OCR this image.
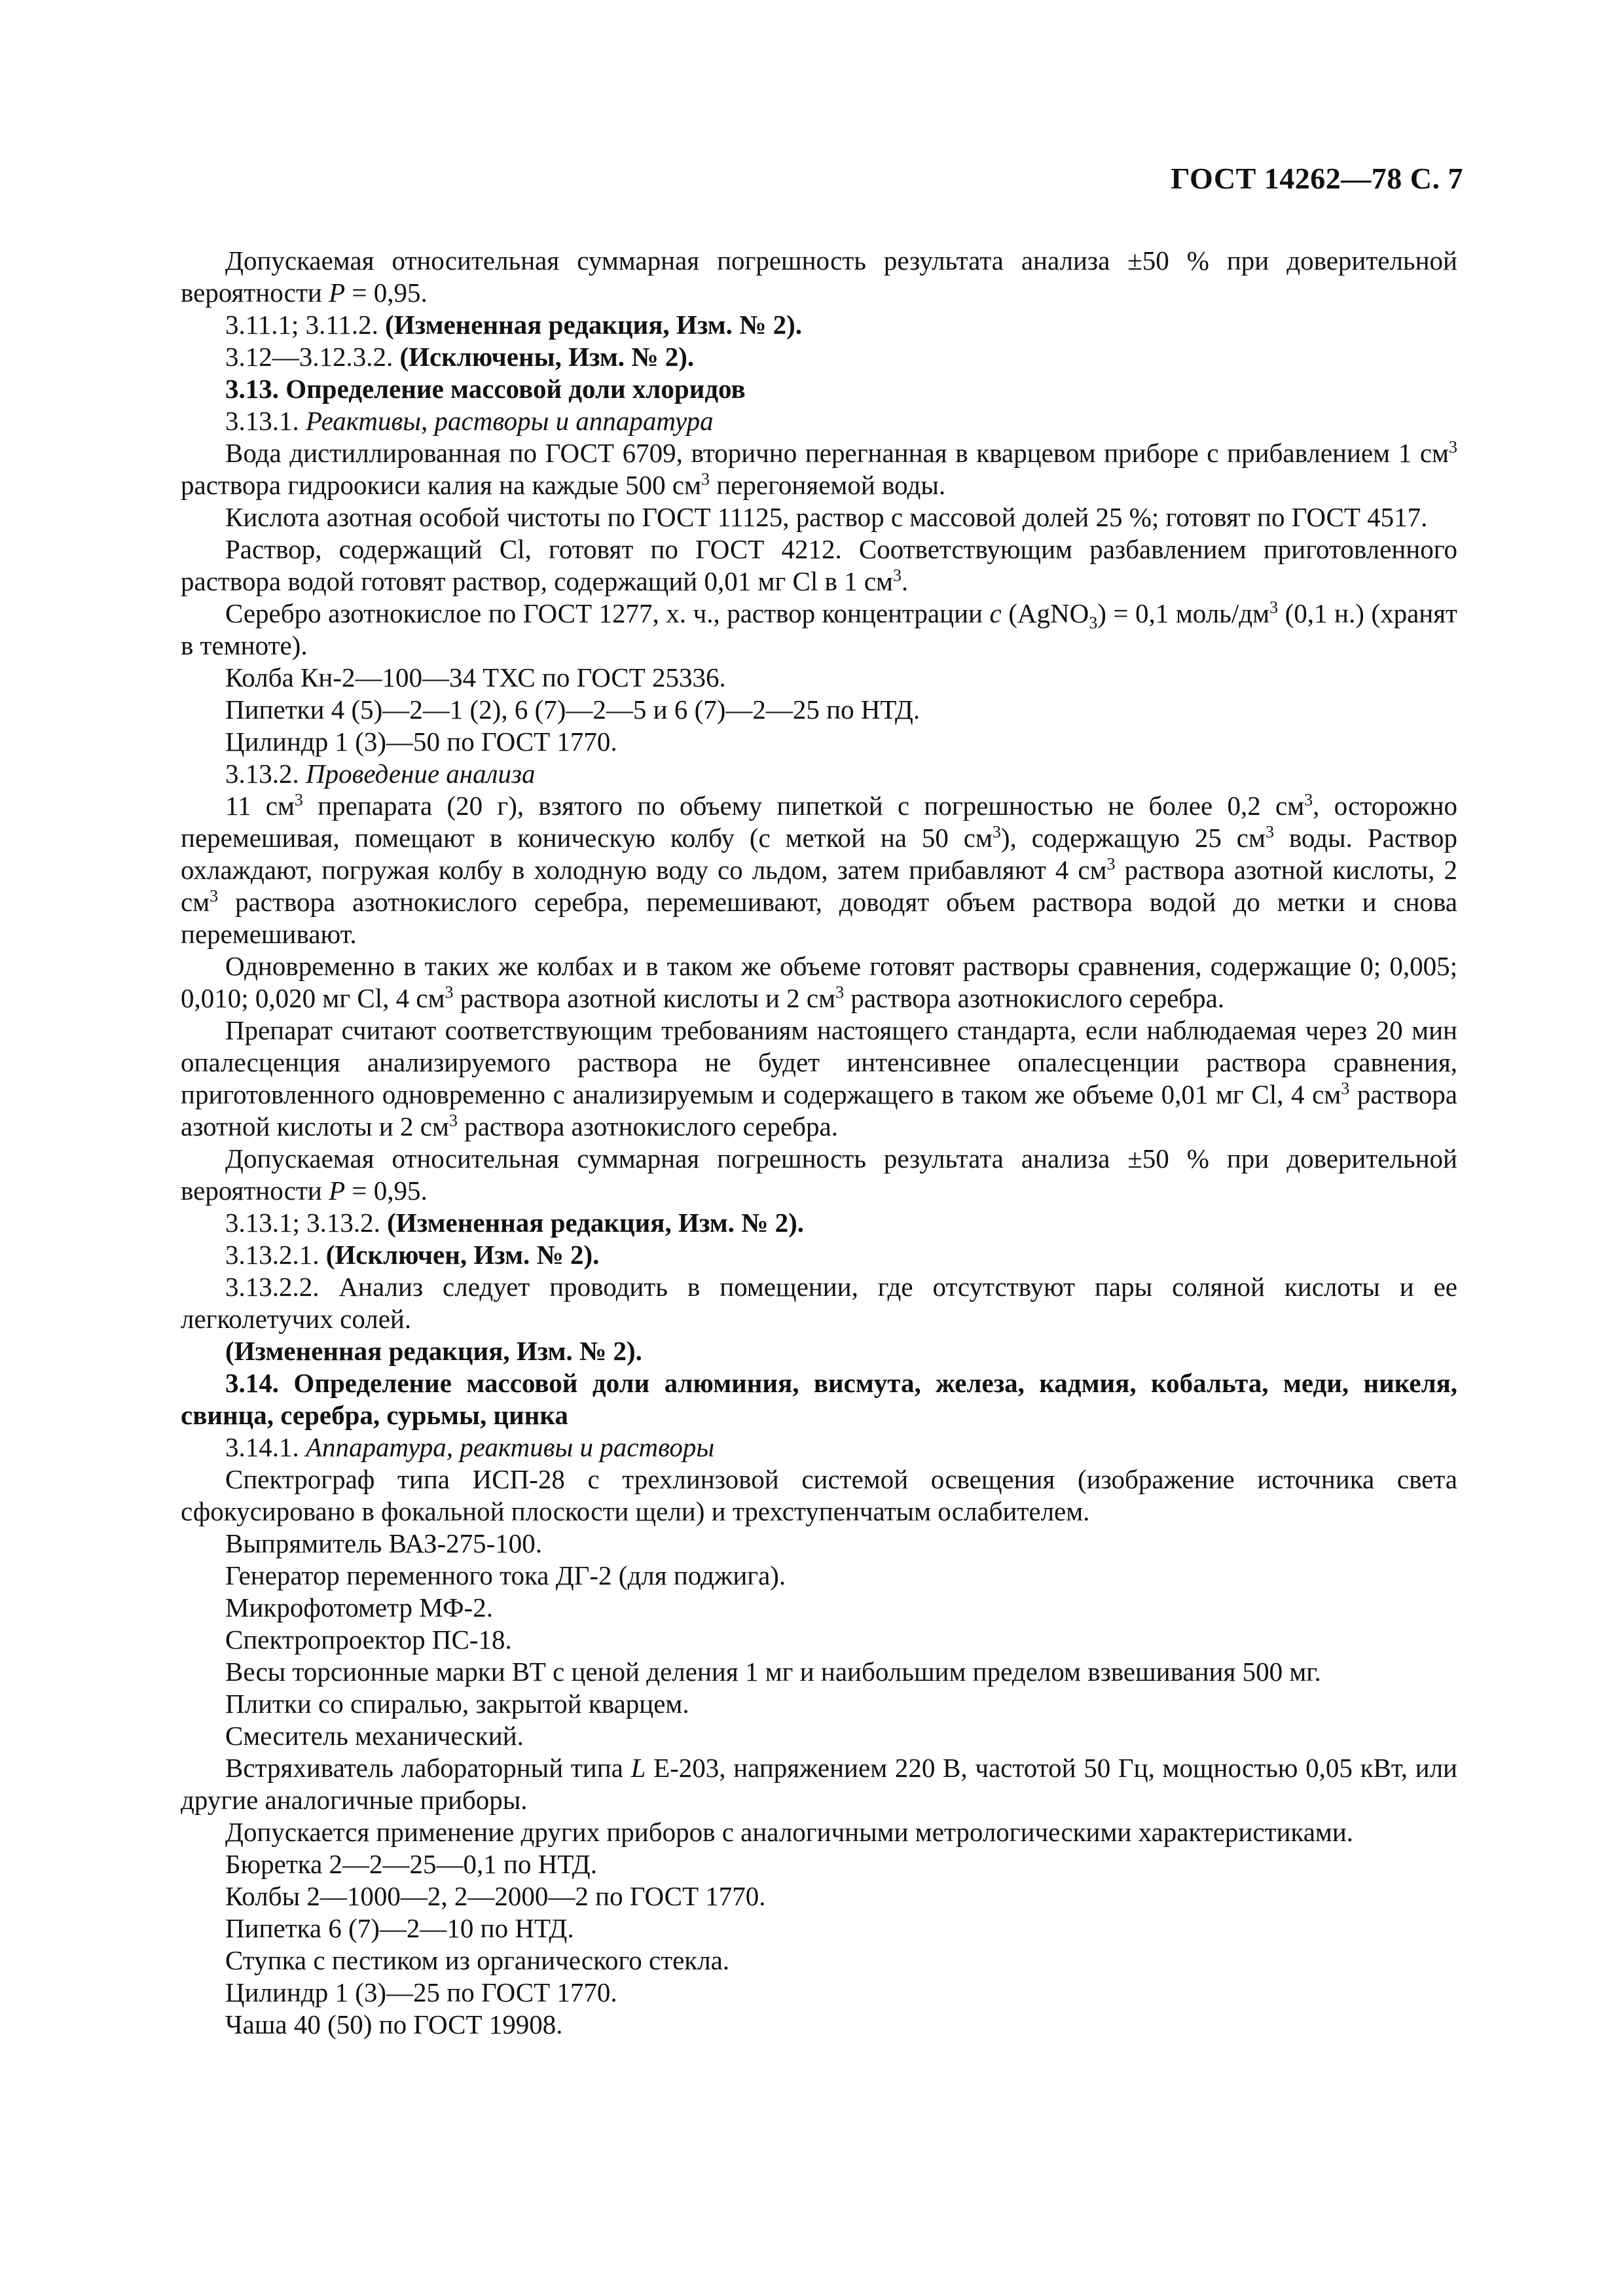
ГОСТ 14262—78 С. 7

Допускаемая относительная суммарная погрешность результата анализа ±50 % при доверительной вероятности P = 0,95.

3.11.1; 3.11.2. (Измененная редакция, Изм. № 2).

3.12—3.12.3.2. (Исключены, Изм. № 2).

3.13. Определение массовой доли хлоридов

3.13.1. Реактивы, растворы и аппаратура

Вода дистиллированная по ГОСТ 6709, вторично перегнанная в кварцевом приборе с прибавлением 1 $см^3$ раствора гидроокиси калия на каждые 500 $см^3$ перегоняемой воды.

Кислота азотная особой чистоты по ГОСТ 11125, раствор с массовой долей 25 %; готовят по ГОСТ 4517.

Раствор, содержащий Cl, готовят по ГОСТ 4212. Соответствующим разбавлением приготовленного раствора водой готовят раствор, содержащий 0,01 мг Cl в 1 $см^3$.

Серебро азотнокислое по ГОСТ 1277, х. ч., раствор концентрации с (AgNO$_3$) = 0,1 моль/$дм^3$ (0,1 н.) (хранят в темноте).

Колба Кн-2—100—34 ТХС по ГОСТ 25336.

Пипетки 4 (5)—2—1 (2), 6 (7)—2—5 и 6 (7)—2—25 по НТД.

Цилиндр 1 (3)—50 по ГОСТ 1770.

3.13.2. Проведение анализа

11 $см^3$ препарата (20 г), взятого по объему пипеткой с погрешностью не более 0,2 $см^3$, осторожно перемешивая, помещают в коническую колбу (с меткой на 50 $см^3$), содержащую 25 $см^3$ воды. Раствор охлаждают, погружая колбу в холодную воду со льдом, затем прибавляют 4 $см^3$ раствора азотной кислоты, 2 $см^3$ раствора азотнокислого серебра, перемешивают, доводят объем раствора водой до метки и снова перемешивают.

Одновременно в таких же колбах и в таком же объеме готовят растворы сравнения, содержащие 0; 0,005; 0,010; 0,020 мг Cl, 4 $см^3$ раствора азотной кислоты и 2 $см^3$ раствора азотнокислого серебра.

Препарат считают соответствующим требованиям настоящего стандарта, если наблюдаемая через 20 мин опалесценция анализируемого раствора не будет интенсивнее опалесценции раствора сравнения, приготовленного одновременно с анализируемым и содержащего в таком же объеме 0,01 мг Cl, 4 $см^3$ раствора азотной кислоты и 2 $см^3$ раствора азотнокислого серебра.

Допускаемая относительная суммарная погрешность результата анализа ±50 % при доверительной вероятности P = 0,95.

3.13.1; 3.13.2. (Измененная редакция, Изм. № 2).

3.13.2.1. (Исключен, Изм. № 2).

3.13.2.2. Анализ следует проводить в помещении, где отсутствуют пары соляной кислоты и ее легколетучих солей.

(Измененная редакция, Изм. № 2).

3.14. Определение массовой доли алюминия, висмута, железа, кадмия, кобальта, меди, никеля, свинца, серебра, сурьмы, цинка

3.14.1. Аппаратура, реактивы и растворы

Спектрограф типа ИСП-28 с трехлинзовой системой освещения (изображение источника света сфокусировано в фокальной плоскости щели) и трехступенчатым ослабителем.

Выпрямитель ВАЗ-275-100.

Генератор переменного тока ДГ-2 (для поджига).

Микрофотометр МФ-2.

Спектропроектор ПС-18.

Весы торсионные марки ВТ с ценой деления 1 мг и наибольшим пределом взвешивания 500 мг.

Плитки со спиралью, закрытой кварцем.

Смеситель механический.

Встряхиватель лабораторный типа L Е-203, напряжением 220 В, частотой 50 Гц, мощностью 0,05 кВт, или другие аналогичные приборы.

Допускается применение других приборов с аналогичными метрологическими характеристиками.

Бюретка 2—2—25—0,1 по НТД.

Колбы 2—1000—2, 2—2000—2 по ГОСТ 1770.

Пипетка 6 (7)—2—10 по НТД.

Ступка с пестиком из органического стекла.

Цилиндр 1 (3)—25 по ГОСТ 1770.

Чаша 40 (50) по ГОСТ 19908.
